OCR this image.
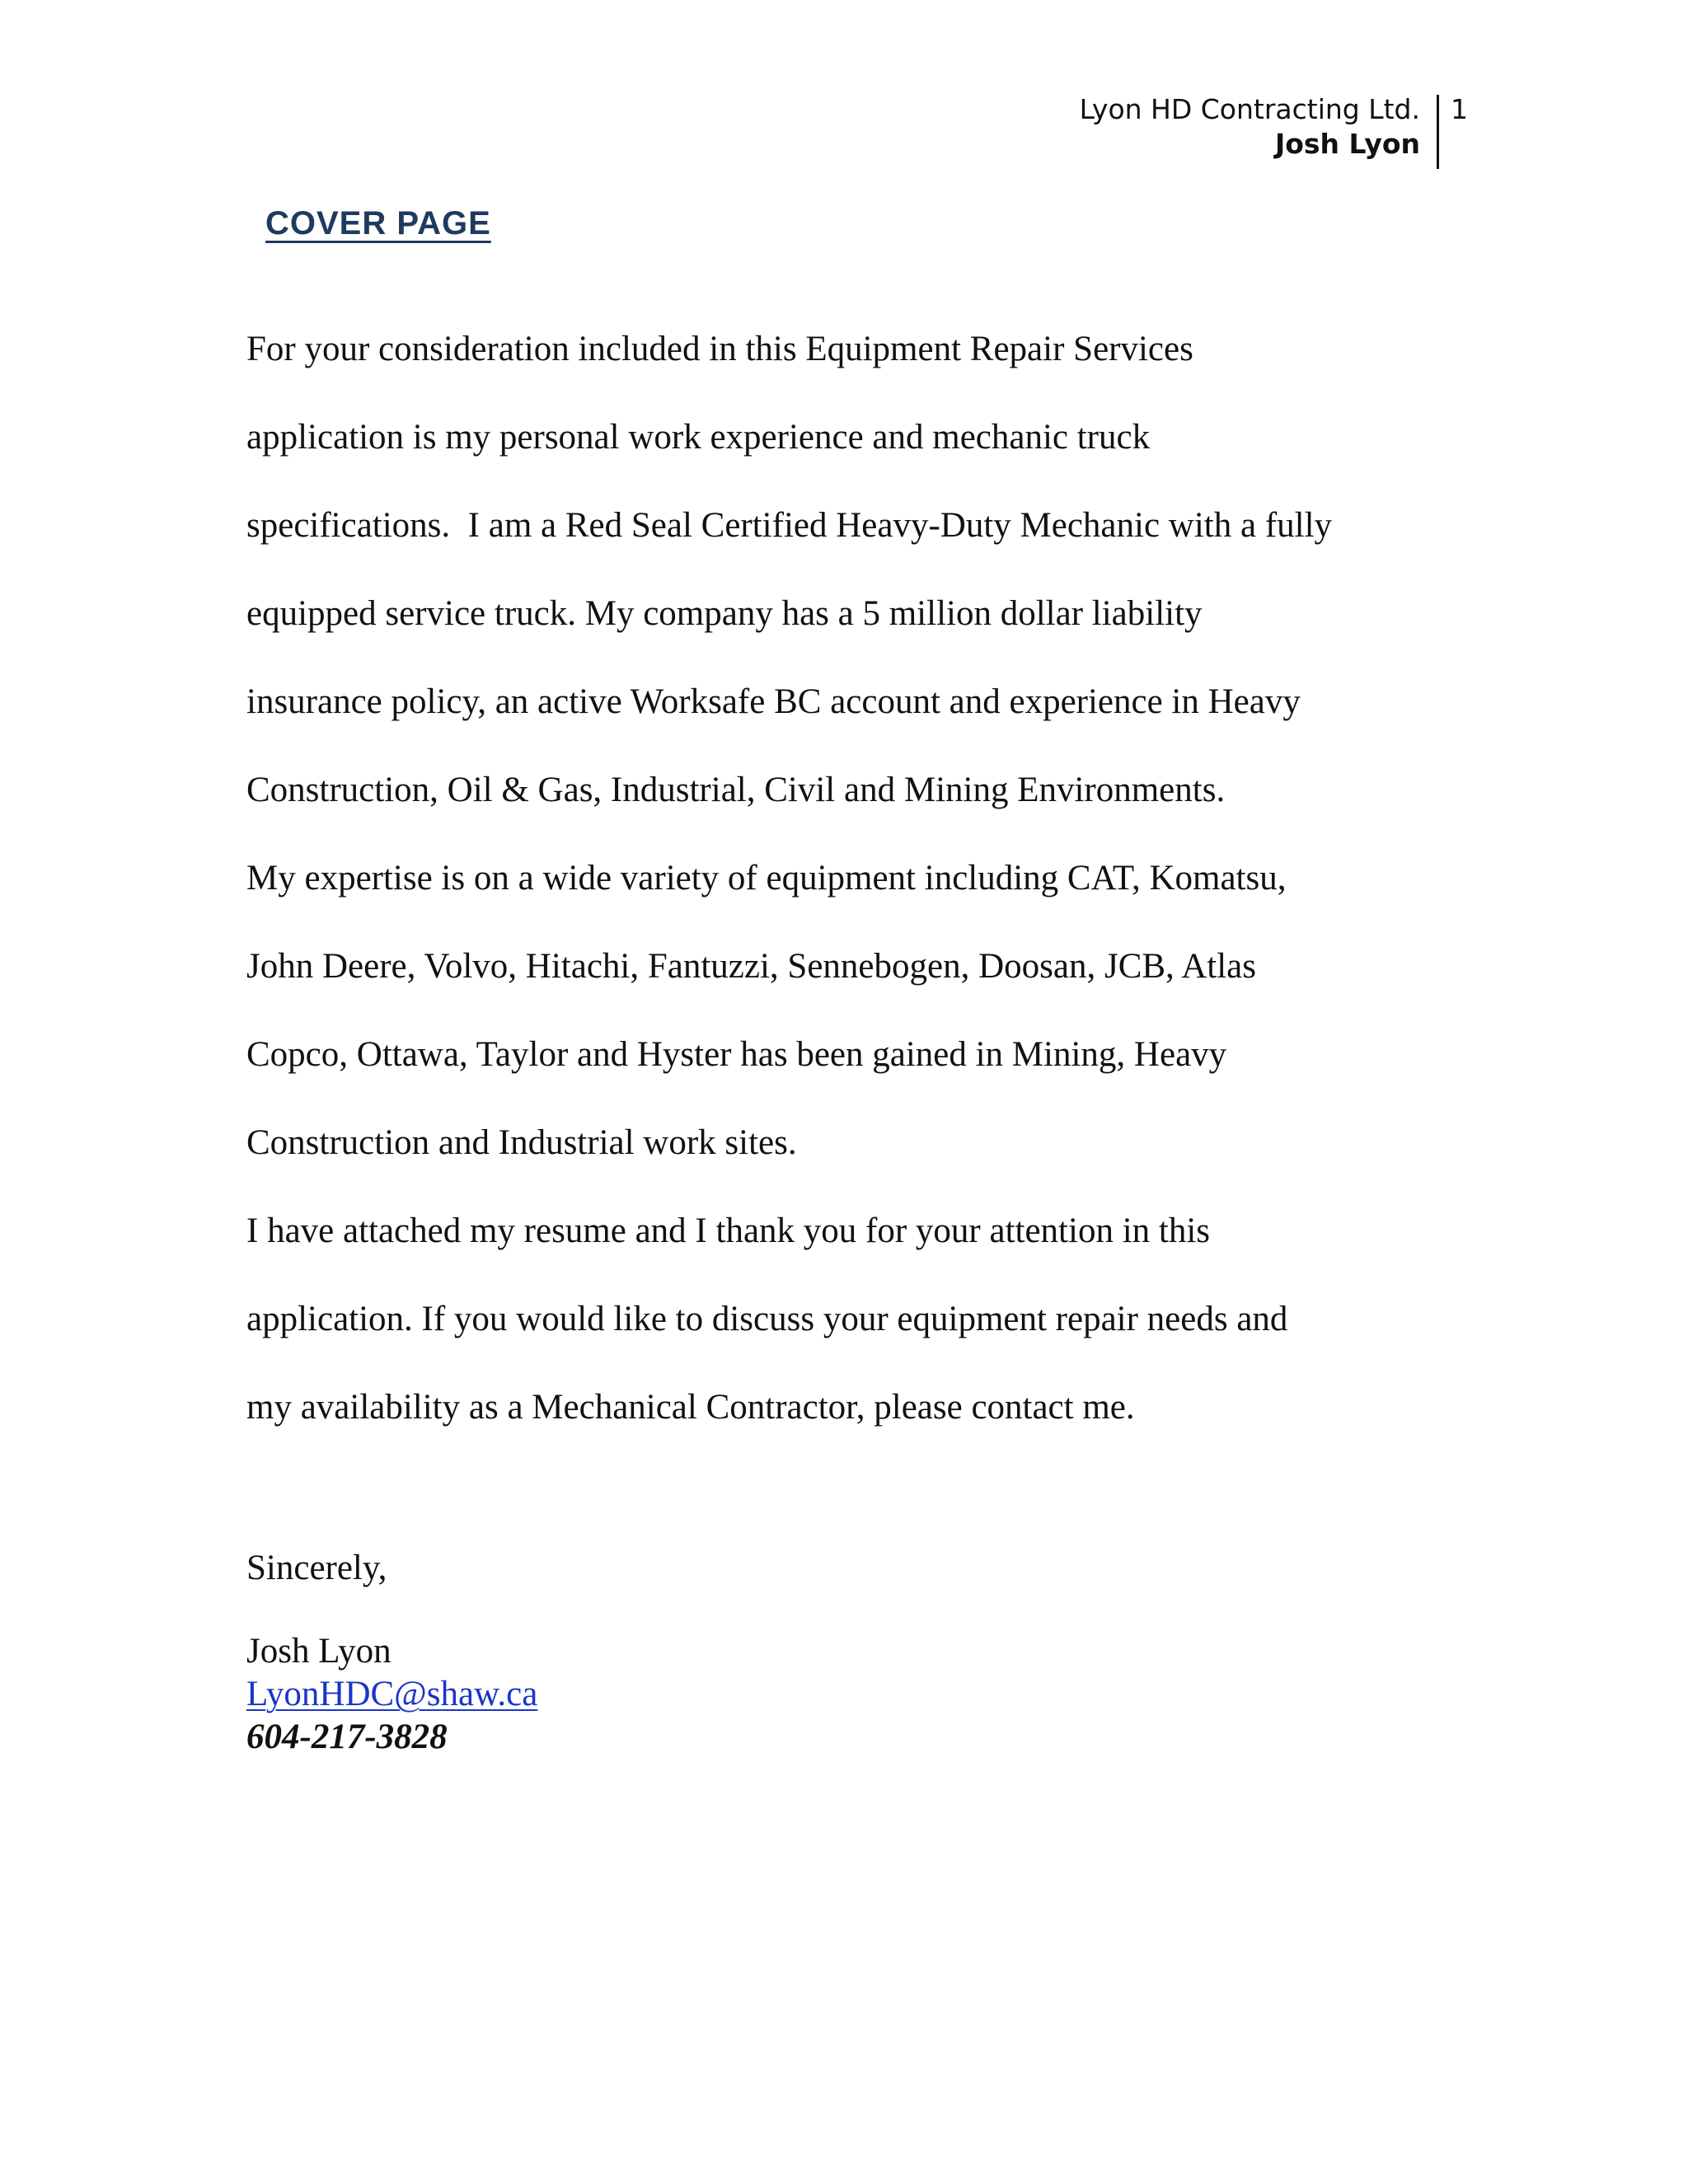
Lyon HD Contracting Ltd.
Josh Lyon
1
COVER PAGE

For your consideration included in this Equipment Repair Services
application is my personal work experience and mechanic truck
specifications.  I am a Red Seal Certified Heavy-Duty Mechanic with a fully
equipped service truck. My company has a 5 million dollar liability
insurance policy, an active Worksafe BC account and experience in Heavy
Construction, Oil & Gas, Industrial, Civil and Mining Environments.

My expertise is on a wide variety of equipment including CAT, Komatsu,
John Deere, Volvo, Hitachi, Fantuzzi, Sennebogen, Doosan, JCB, Atlas
Copco, Ottawa, Taylor and Hyster has been gained in Mining, Heavy
Construction and Industrial work sites.

I have attached my resume and I thank you for your attention in this
application. If you would like to discuss your equipment repair needs and
my availability as a Mechanical Contractor, please contact me.

Sincerely,
Josh Lyon
LyonHDC@shaw.ca
604-217-3828
